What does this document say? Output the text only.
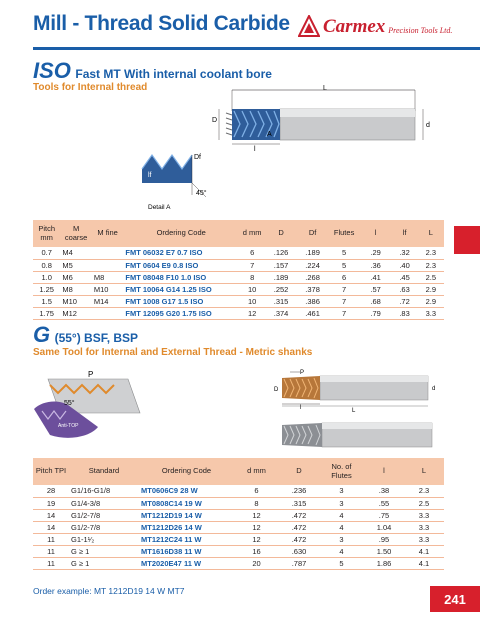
Mill - Thread Solid Carbide Carmex Precision Tools Ltd.
ISO Fast MT With internal coolant bore
Tools for Internal thread	L
D
A
l
d
Df
lf
45°
Detail A
Pitch mm	M coarse	M fine	Ordering Code	d mm	D	Df	Flutes	l	lf	L
0.7	M4		FMT 06032 E7 0.7 ISO	6	.126	.189	5	.29	.32	2.3
0.8	M5		FMT 0604 E9 0.8 ISO	7	.157	.224	5	.36	.40	2.3
1.0	M6	M8	FMT 08048 F10 1.0 ISO	8	.189	.268	6	.41	.45	2.5
1.25	M8	M10	FMT 10064 G14 1.25 ISO	10	.252	.378	7	.57	.63	2.9
1.5	M10	M14	FMT 1008 G17 1.5 ISO	10	.315	.386	7	.68	.72	2.9
1.75	M12		FMT 12095 G20 1.75 ISO	12	.374	.461	7	.79	.83	3.3
G (55°) BSF, BSP
Same Tool for Internal and External Thread - Metric shanks
P
55°
Anti-TOP
P
D
l	L
d
Pitch TPI	Standard	Ordering Code	d mm	D	No. of Flutes	l	L
28	G1/16-G1/8	MT0606C9 28 W	6	.236	3	.38	2.3
19	G1/4-3/8	MT0808C14 19 W	8	.315	3	.55	2.5
14	G1/2-7/8	MT1212D19 14 W	12	.472	4	.75	3.3
14	G1/2-7/8	MT1212D26 14 W	12	.472	4	1.04	3.3
11	G1-1¹⁄₂	MT1212C24 11 W	12	.472	3	.95	3.3
11	G ≥ 1	MT1616D38 11 W	16	.630	4	1.50	4.1
11	G ≥ 1	MT2020E47 11 W	20	.787	5	1.86	4.1
Order example: MT 1212D19 14 W MT7
241
